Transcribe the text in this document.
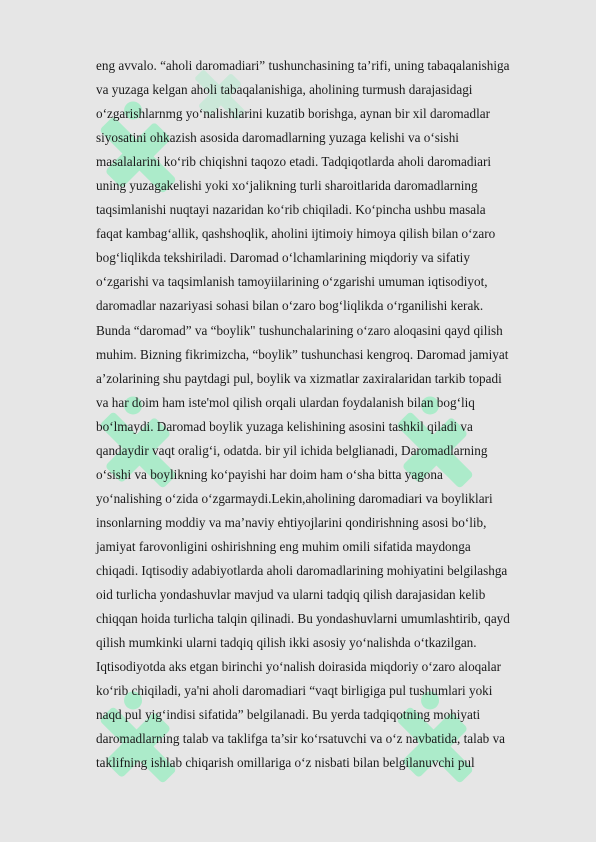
eng avvalo. “aholi daromadiari” tushunchasining ta’rifi, uning tabaqalanishiga
va yuzaga kelgan aholi tabaqalanishiga, aholining turmush darajasidagi
o‘zgarishlarnmg yo‘nalishlarini kuzatib borishga, aynan bir xil daromadlar
siyosatini ohkazish asosida daromadlarning yuzaga kelishi va o‘sishi
masalalarini ko‘rib chiqishni taqozo etadi. Tadqiqotlarda aholi daromadiari
uning yuzagakelishi yoki xo‘jalikning turli sharoitlarida daromadlarning
taqsimlanishi nuqtayi nazaridan ko‘rib chiqiladi. Ko‘pincha ushbu masala
faqat kambag‘allik, qashshoqlik, aholini ijtimoiy himoya qilish bilan o‘zaro
bog‘liqlikda tekshiriladi. Daromad o‘lchamlarining miqdoriy va sifatiy
o‘zgarishi va taqsimlanish tamoyiilarining o‘zgarishi umuman iqtisodiyot,
daromadlar nazariyasi sohasi bilan o‘zaro bog‘liqlikda o‘rganilishi kerak.
Bunda “daromad” va “boylik" tushunchalarining o‘zaro aloqasini qayd qilish
muhim. Bizning fikrimizcha, “boylik” tushunchasi kengroq. Daromad jamiyat
a’zolarining shu paytdagi pul, boylik va xizmatlar zaxiralaridan tarkib topadi
va har doim ham iste'mol qilish orqali ulardan foydalanish bilan bog‘liq
bo‘lmaydi. Daromad boylik yuzaga kelishining asosini tashkil qiladi va
qandaydir vaqt oralig‘i, odatda. bir yil ichida belglianadi, Daromadlarning
o‘sishi va boylikning ko‘payishi har doim ham o‘sha bitta yagona
yo‘nalishing o‘zida o‘zgarmaydi.Lekin,aholining daromadiari va boyliklari
insonlarning moddiy va ma’naviy ehtiyojlarini qondirishning asosi bo‘lib,
jamiyat farovonligini oshirishning eng muhim omili sifatida maydonga
chiqadi. Iqtisodiy adabiyotlarda aholi daromadlarining mohiyatini belgilashga
oid turlicha yondashuvlar mavjud va ularni tadqiq qilish darajasidan kelib
chiqqan hoida turlicha talqin qilinadi. Bu yondashuvlarni umumlashtirib, qayd
qilish mumkinki ularni tadqiq qilish ikki asosiy yo‘nalishda o‘tkazilgan.
Iqtisodiyotda aks etgan birinchi yo‘nalish doirasida miqdoriy o‘zaro aloqalar
ko‘rib chiqiladi, ya'ni aholi daromadiari “vaqt birligiga pul tushumlari yoki
naqd pul yig‘indisi sifatida” belgilanadi. Bu yerda tadqiqotning mohiyati
daromadlarning talab va taklifga ta’sir ko‘rsatuvchi va o‘z navbatida, talab va
taklifning ishlab chiqarish omillariga o‘z nisbati bilan belgilanuvchi pul
